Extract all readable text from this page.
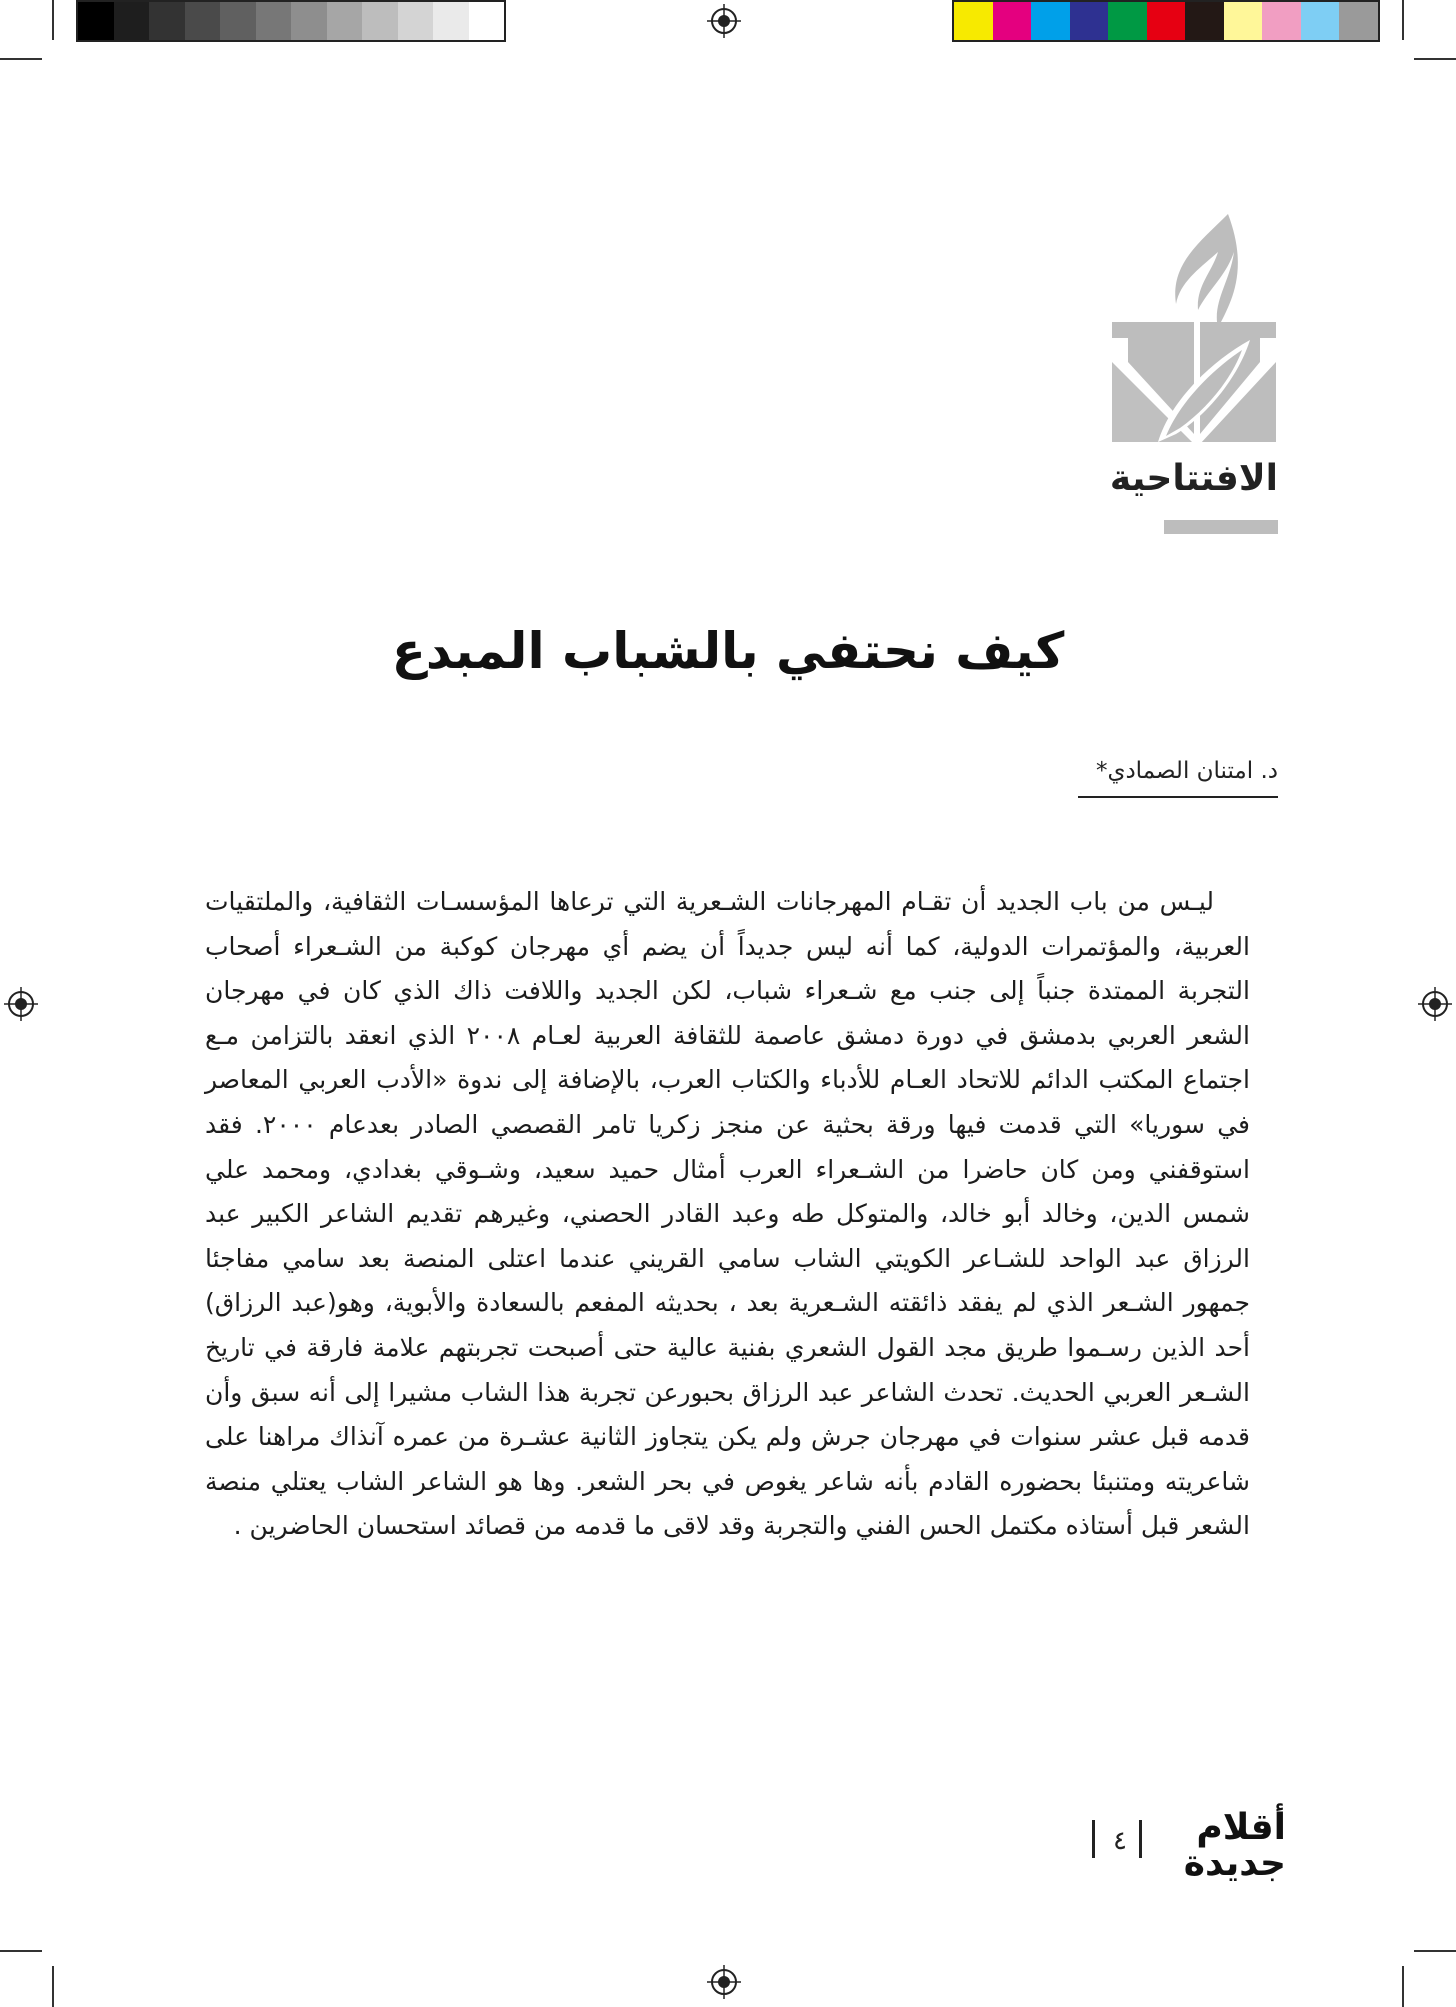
الافتتاحية
كيف نحتفي بالشباب المبدع
د. امتنان الصمادي*

ليـس من باب الجديد أن تقـام المهرجانات الشـعرية التي ترعاها المؤسسـات الثقافية، والملتقيات العربية، والمؤتمرات الدولية، كما أنه ليس جديداً أن يضم أي مهرجان كوكبة من الشـعراء أصحاب التجربة الممتدة جنباً إلى جنب مع شـعراء شباب، لكن الجديد واللافت ذاك الذي كان في مهرجان الشعر العربي بدمشق في دورة دمشق عاصمة للثقافة العربية لعـام ٢٠٠٨ الذي انعقد بالتزامن مـع اجتماع المكتب الدائم للاتحاد العـام للأدباء والكتاب العرب، بالإضافة إلى ندوة «الأدب العربي المعاصر في سوريا» التي قدمت فيها ورقة بحثية عن منجز زكريا تامر القصصي الصادر بعدعام ٢٠٠٠. فقد استوقفني ومن كان حاضرا من الشـعراء العرب أمثال حميد سعيد، وشـوقي بغدادي، ومحمد علي شمس الدين، وخالد أبو خالد، والمتوكل طه وعبد القادر الحصني، وغيرهم تقديم الشاعر الكبير عبد الرزاق عبد الواحد للشـاعر الكويتي الشاب سامي القريني عندما اعتلى المنصة بعد سامي مفاجئا جمهور الشـعر الذي لم يفقد ذائقته الشـعرية بعد ، بحديثه المفعم بالسعادة والأبوية، وهو(عبد الرزاق) أحد الذين رسـموا طريق مجد القول الشعري بفنية عالية حتى أصبحت تجربتهم علامة فارقة في تاريخ الشـعر العربي الحديث. تحدث الشاعر عبد الرزاق بحبورعن تجربة هذا الشاب مشيرا إلى أنه سبق وأن قدمه قبل عشر سنوات في مهرجان جرش ولم يكن يتجاوز الثانية عشـرة من عمره آنذاك مراهنا على شاعريته ومتنبئا بحضوره القادم بأنه شاعر يغوص في بحر الشعر. وها هو الشاعر الشاب يعتلي منصة الشعر قبل أستاذه مكتمل الحس الفني والتجربة وقد لاقى ما قدمه من قصائد استحسان الحاضرين .

٤	أقلام
جديدة
